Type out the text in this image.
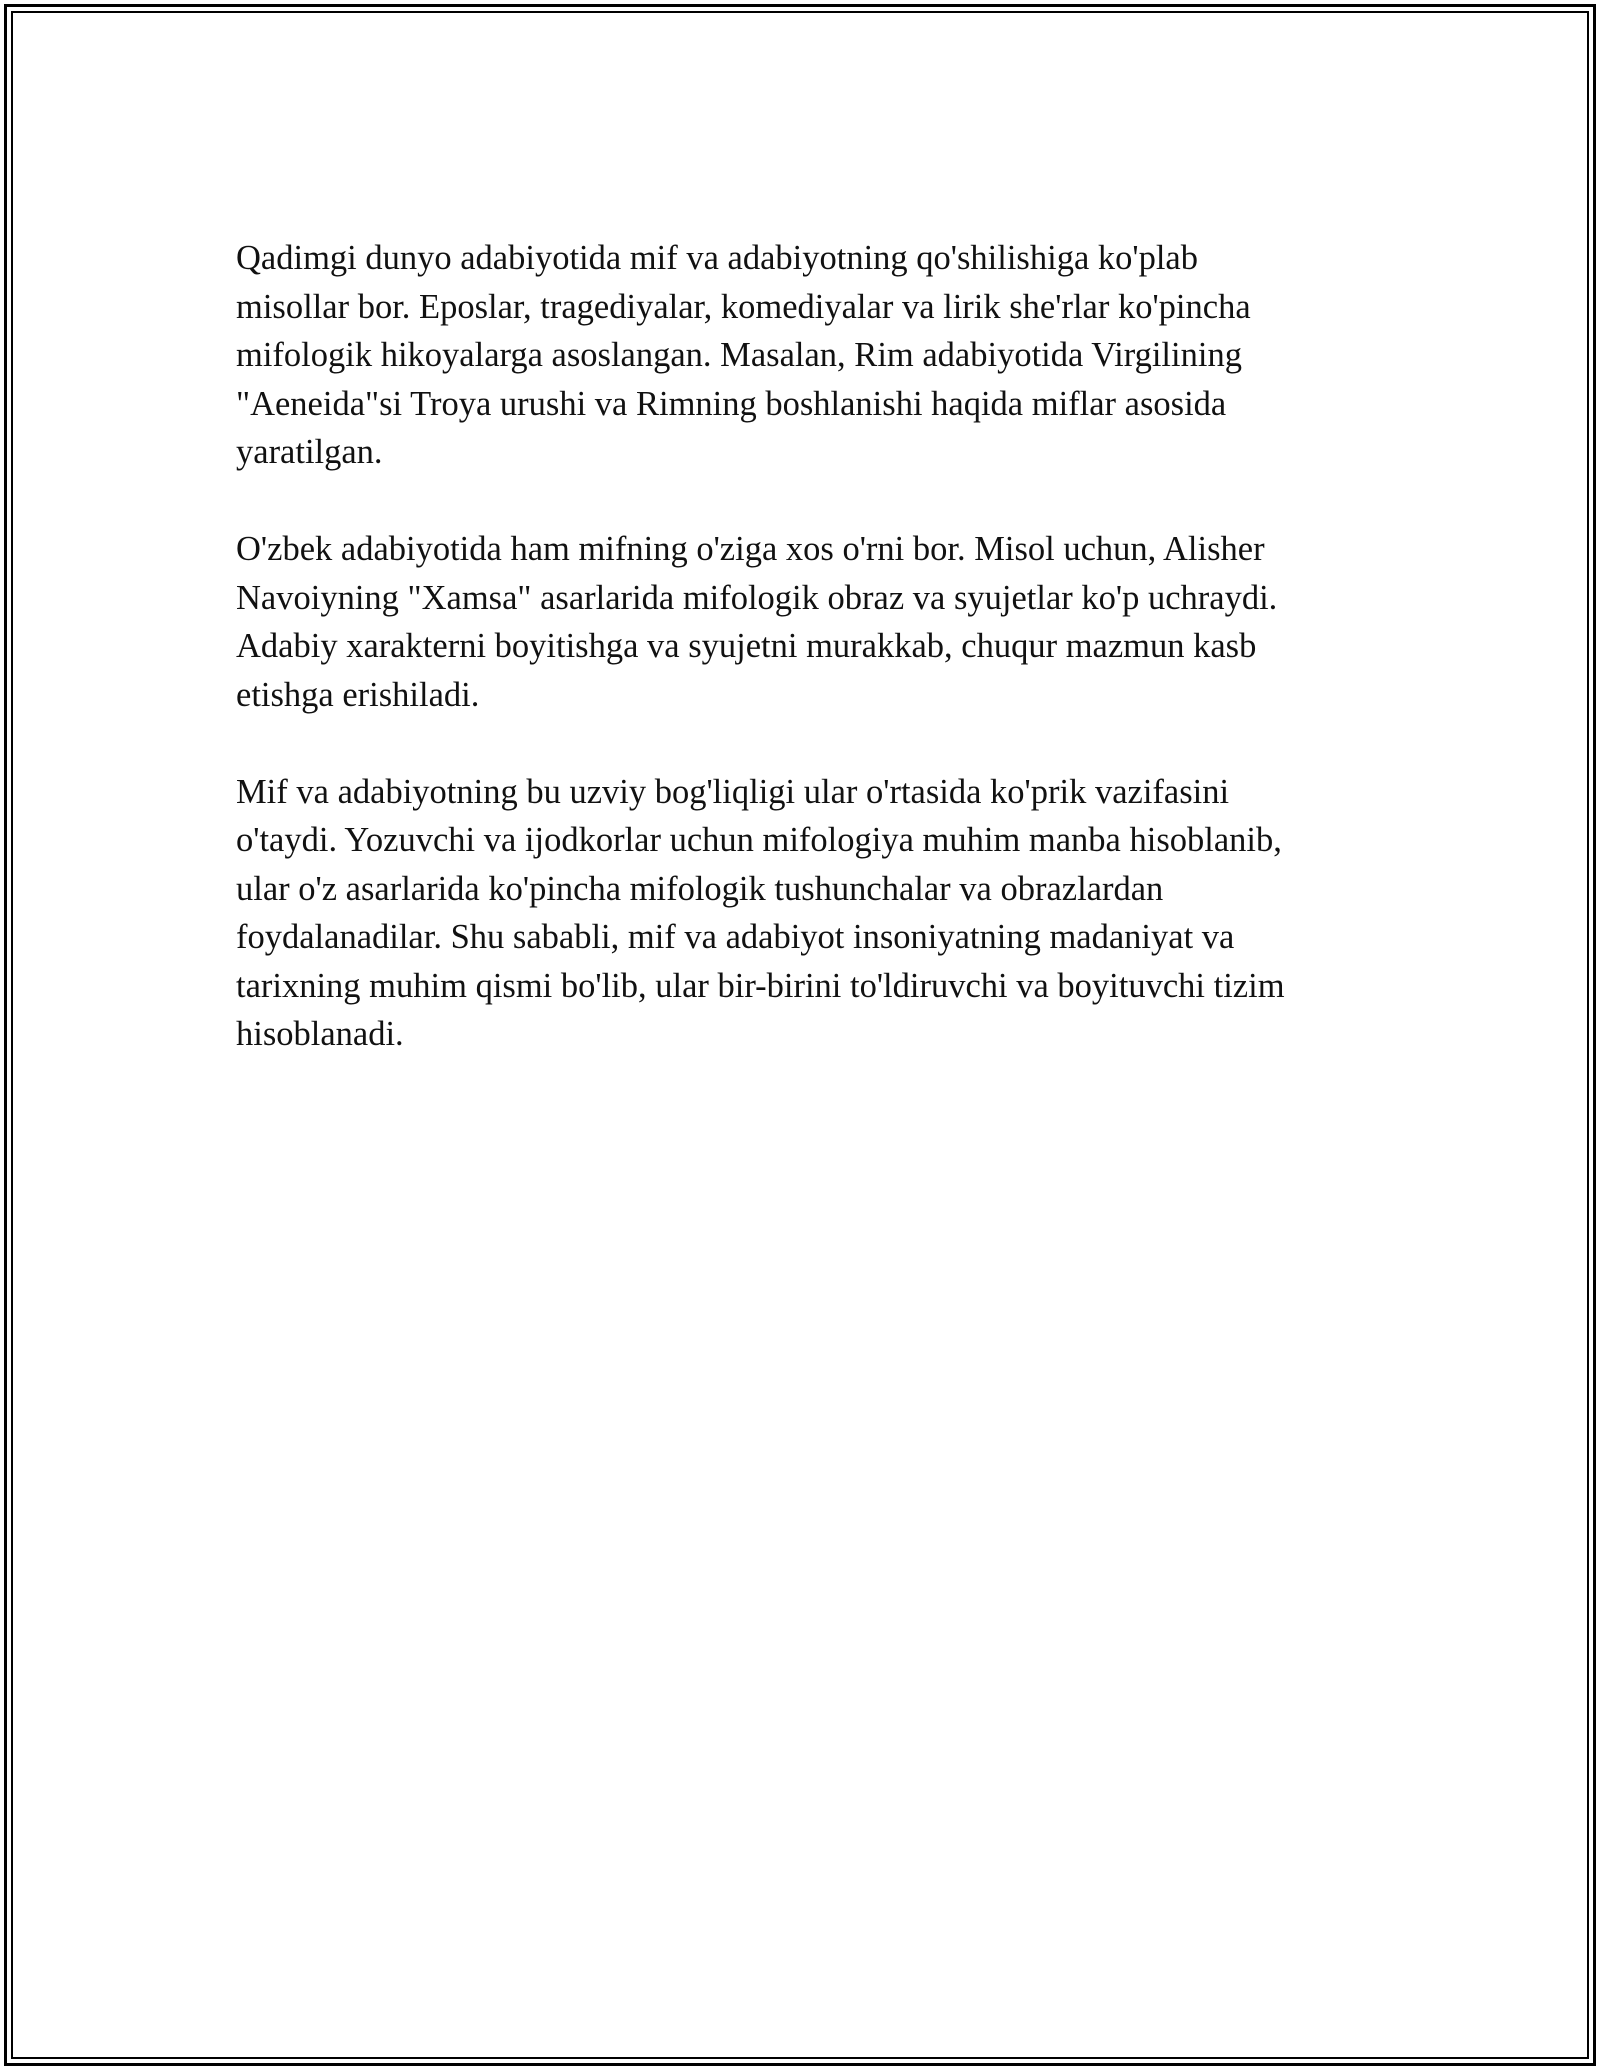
Qadimgi dunyo adabiyotida mif va adabiyotning qo'shilishiga ko'plab
misollar bor. Eposlar, tragediyalar, komediyalar va lirik she'rlar ko'pincha
mifologik hikoyalarga asoslangan. Masalan, Rim adabiyotida Virgilining
"Aeneida"si Troya urushi va Rimning boshlanishi haqida miflar asosida
yaratilgan.

O'zbek adabiyotida ham mifning o'ziga xos o'rni bor. Misol uchun, Alisher
Navoiyning "Xamsa" asarlarida mifologik obraz va syujetlar ko'p uchraydi.
Adabiy xarakterni boyitishga va syujetni murakkab, chuqur mazmun kasb
etishga erishiladi.

Mif va adabiyotning bu uzviy bog'liqligi ular o'rtasida ko'prik vazifasini
o'taydi. Yozuvchi va ijodkorlar uchun mifologiya muhim manba hisoblanib,
ular o'z asarlarida ko'pincha mifologik tushunchalar va obrazlardan
foydalanadilar. Shu sababli, mif va adabiyot insoniyatning madaniyat va
tarixning muhim qismi bo'lib, ular bir-birini to'ldiruvchi va boyituvchi tizim
hisoblanadi.
